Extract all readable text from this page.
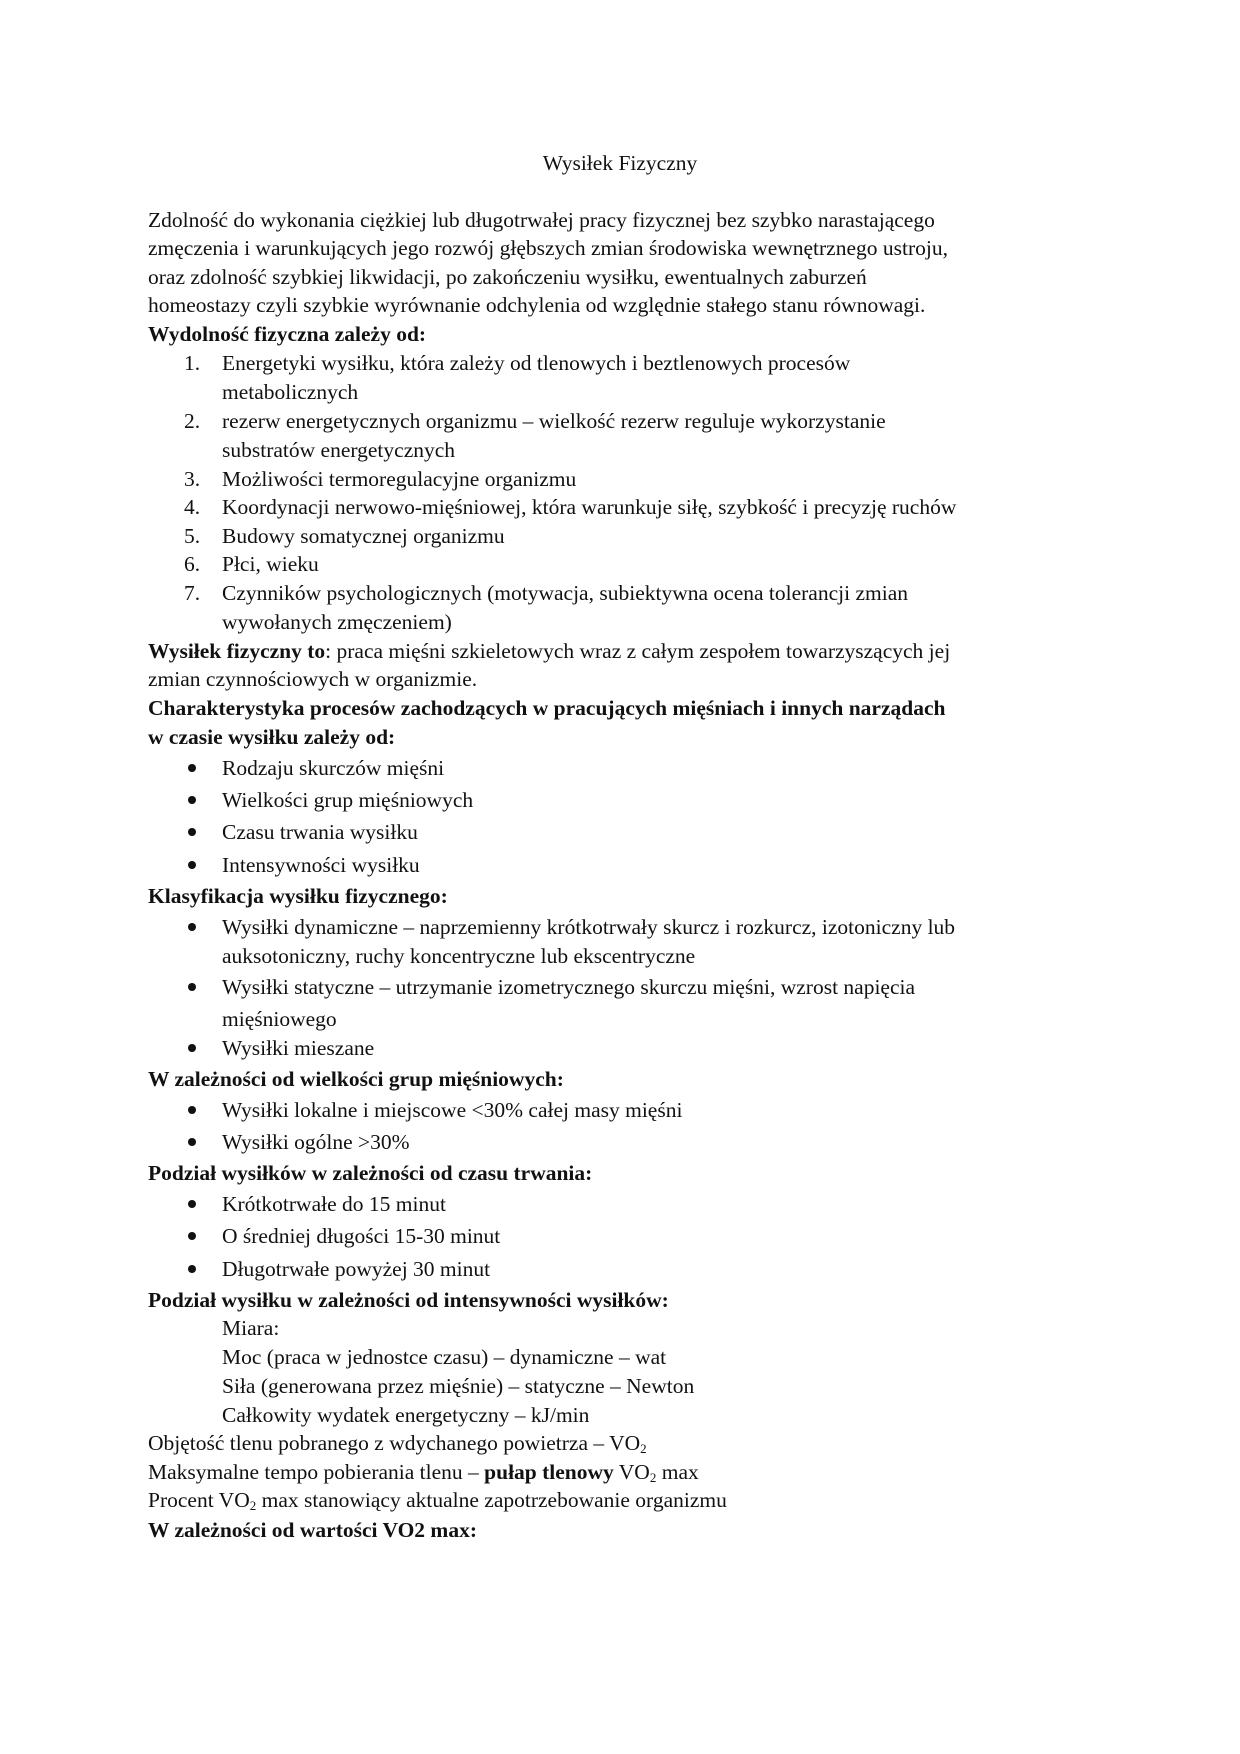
Wysiłek Fizyczny
Zdolność do wykonania ciężkiej lub długotrwałej pracy fizycznej bez szybko narastającego
zmęczenia i warunkujących jego rozwój głębszych zmian środowiska wewnętrznego ustroju,
oraz zdolność szybkiej likwidacji, po zakończeniu wysiłku, ewentualnych zaburzeń
homeostazy czyli szybkie wyrównanie odchylenia od względnie stałego stanu równowagi.
Wydolność fizyczna zależy od:
1. Energetyki wysiłku, która zależy od tlenowych i beztlenowych procesów
metabolicznych
2. rezerw energetycznych organizmu – wielkość rezerw reguluje wykorzystanie
substratów energetycznych
3. Możliwości termoregulacyjne organizmu
4. Koordynacji nerwowo-mięśniowej, która warunkuje siłę, szybkość i precyzję ruchów
5. Budowy somatycznej organizmu
6. Płci, wieku
7. Czynników psychologicznych (motywacja, subiektywna ocena tolerancji zmian
wywołanych zmęczeniem)
Wysiłek fizyczny to: praca mięśni szkieletowych wraz z całym zespołem towarzyszących jej
zmian czynnościowych w organizmie.
Charakterystyka procesów zachodzących w pracujących mięśniach i innych narządach
w czasie wysiłku zależy od:
Rodzaju skurczów mięśni
Wielkości grup mięśniowych
Czasu trwania wysiłku
Intensywności wysiłku
Klasyfikacja wysiłku fizycznego:
Wysiłki dynamiczne – naprzemienny krótkotrwały skurcz i rozkurcz, izotoniczny lub
auksotoniczny, ruchy koncentryczne lub ekscentryczne
Wysiłki statyczne – utrzymanie izometrycznego skurczu mięśni, wzrost napięcia
mięśniowego
Wysiłki mieszane
W zależności od wielkości grup mięśniowych:
Wysiłki lokalne i miejscowe <30% całej masy mięśni
Wysiłki ogólne >30%
Podział wysiłków w zależności od czasu trwania:
Krótkotrwałe do 15 minut
O średniej długości 15-30 minut
Długotrwałe powyżej 30 minut
Podział wysiłku w zależności od intensywności wysiłków:
Miara:
Moc (praca w jednostce czasu) – dynamiczne – wat
Siła (generowana przez mięśnie) – statyczne – Newton
Całkowity wydatek energetyczny – kJ/min
Objętość tlenu pobranego z wdychanego powietrza – $VO_2$
Maksymalne tempo pobierania tlenu – pułap tlenowy $VO_2$ max
Procent $VO_2$ max stanowiący aktualne zapotrzebowanie organizmu
W zależności od wartości VO2 max:
